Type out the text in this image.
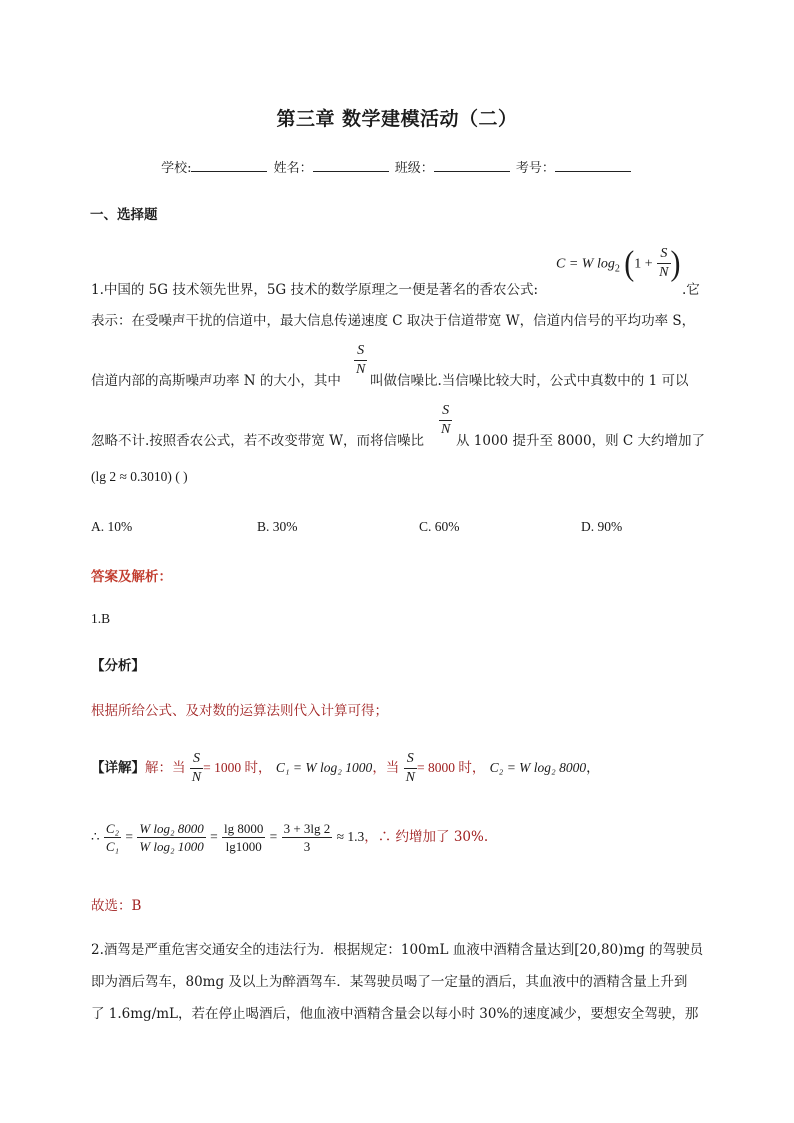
第三章 数学建模活动（二）
学校:	姓名：	班级：	考号：
一、选择题
1.中国的 5G 技术领先世界，5G 技术的数学原理之一便是著名的香农公式:
C = W $\log_2 (1 + \frac{S}{N}$ )
.它
表示：在受噪声干扰的信道中，最大信息传递速度 C 取决于信道带宽 W，信道内信号的平均功率 S，
信道内部的高斯噪声功率 N 的大小，其中
$\frac{S}{N}$
叫做信噪比.当信噪比较大时，公式中真数中的 1 可以
忽略不计.按照香农公式，若不改变带宽 W，而将信噪比
$\frac{S}{N}$
从 1000 提升至 8000，则 C 大约增加了
(lg 2 ≈ 0.3010) ( )
A. 10%	B. 30%	C. 60%	D. 90%
答案及解析：
1.B
【分析】
根据所给公式、及对数的运算法则代入计算可得；
【详解】解：当 $\frac{S}{N} = 1000$ 时， C₁ = W log₂ 1000，当 $\frac{S}{N} = 8000$ 时， C₂ = W log₂ 8000，
∴ $\frac{\text{C₂}}{\text{C₁}} = \frac{\text{W log₂ 8000}}{\text{W log₂ 1000}} = \frac{\lg 8000}{\lg 1000} = \frac{3 + 3\lg 2}{3} \approx 1.3$，∴ 约增加了 30%.
故选：B
2.酒驾是严重危害交通安全的违法行为．根据规定：100mL 血液中酒精含量达到[20,80)mg 的驾驶员
即为酒后驾车，80mg 及以上为醉酒驾车．某驾驶员喝了一定量的酒后，其血液中的酒精含量上升到
了 1.6mg/mL，若在停止喝酒后，他血液中酒精含量会以每小时 30%的速度减少，要想安全驾驶，那
